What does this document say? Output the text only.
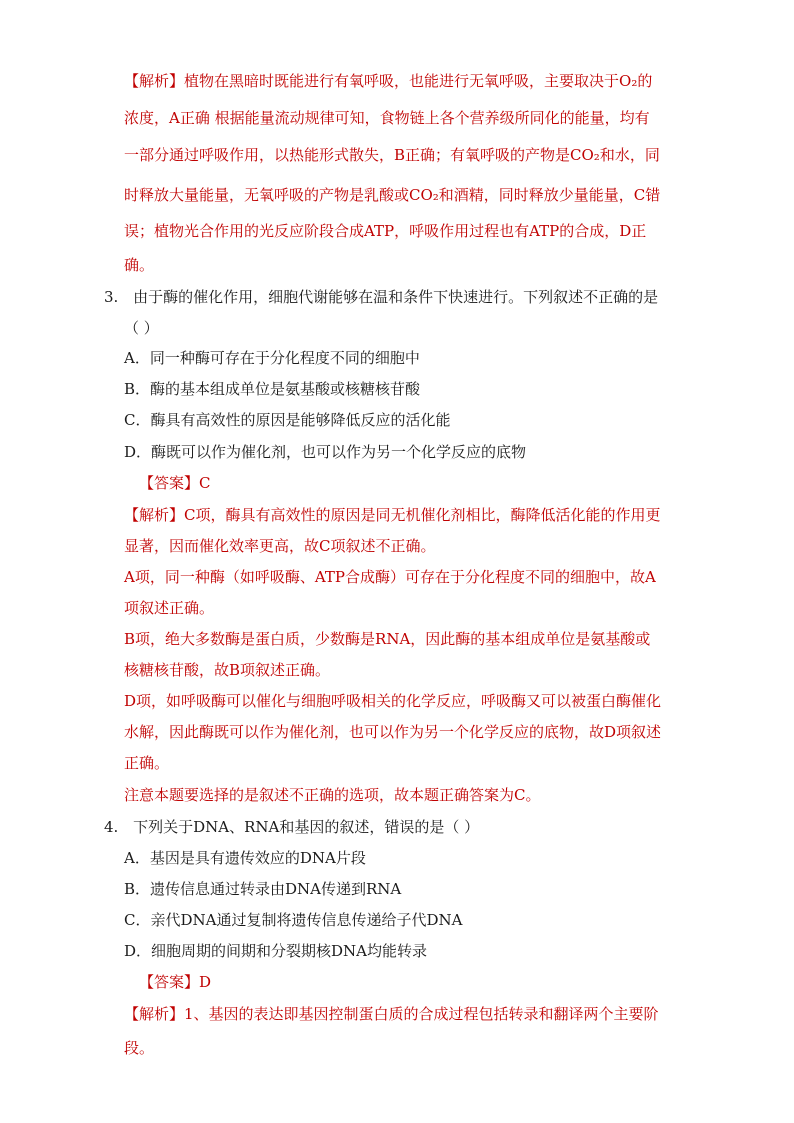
【解析】植物在黑暗时既能进行有氧呼吸，也能进行无氧呼吸，主要取决于O₂的
浓度，A正确 根据能量流动规律可知，食物链上各个营养级所同化的能量，均有
一部分通过呼吸作用，以热能形式散失，B正确；有氧呼吸的产物是CO₂和水，同
时释放大量能量，无氧呼吸的产物是乳酸或CO₂和酒精，同时释放少量能量，C错
误；植物光合作用的光反应阶段合成ATP，呼吸作用过程也有ATP的合成，D正
确。
3. 由于酶的催化作用，细胞代谢能够在温和条件下快速进行。下列叙述不正确的是
（ ）
A．同一种酶可存在于分化程度不同的细胞中
B．酶的基本组成单位是氨基酸或核糖核苷酸
C．酶具有高效性的原因是能够降低反应的活化能
D．酶既可以作为催化剂，也可以作为另一个化学反应的底物
【答案】C
【解析】C项，酶具有高效性的原因是同无机催化剂相比，酶降低活化能的作用更
显著，因而催化效率更高，故C项叙述不正确。
A项，同一种酶（如呼吸酶、ATP合成酶）可存在于分化程度不同的细胞中，故A
项叙述正确。
B项，绝大多数酶是蛋白质，少数酶是RNA，因此酶的基本组成单位是氨基酸或
核糖核苷酸，故B项叙述正确。
D项，如呼吸酶可以催化与细胞呼吸相关的化学反应，呼吸酶又可以被蛋白酶催化
水解，因此酶既可以作为催化剂，也可以作为另一个化学反应的底物，故D项叙述
正确。
注意本题要选择的是叙述不正确的选项，故本题正确答案为C。
4. 下列关于DNA、RNA和基因的叙述，错误的是（ ）
A．基因是具有遗传效应的DNA片段
B．遗传信息通过转录由DNA传递到RNA
C．亲代DNA通过复制将遗传信息传递给子代DNA
D．细胞周期的间期和分裂期核DNA均能转录
【答案】D
【解析】1、基因的表达即基因控制蛋白质的合成过程包括转录和翻译两个主要阶
段。
